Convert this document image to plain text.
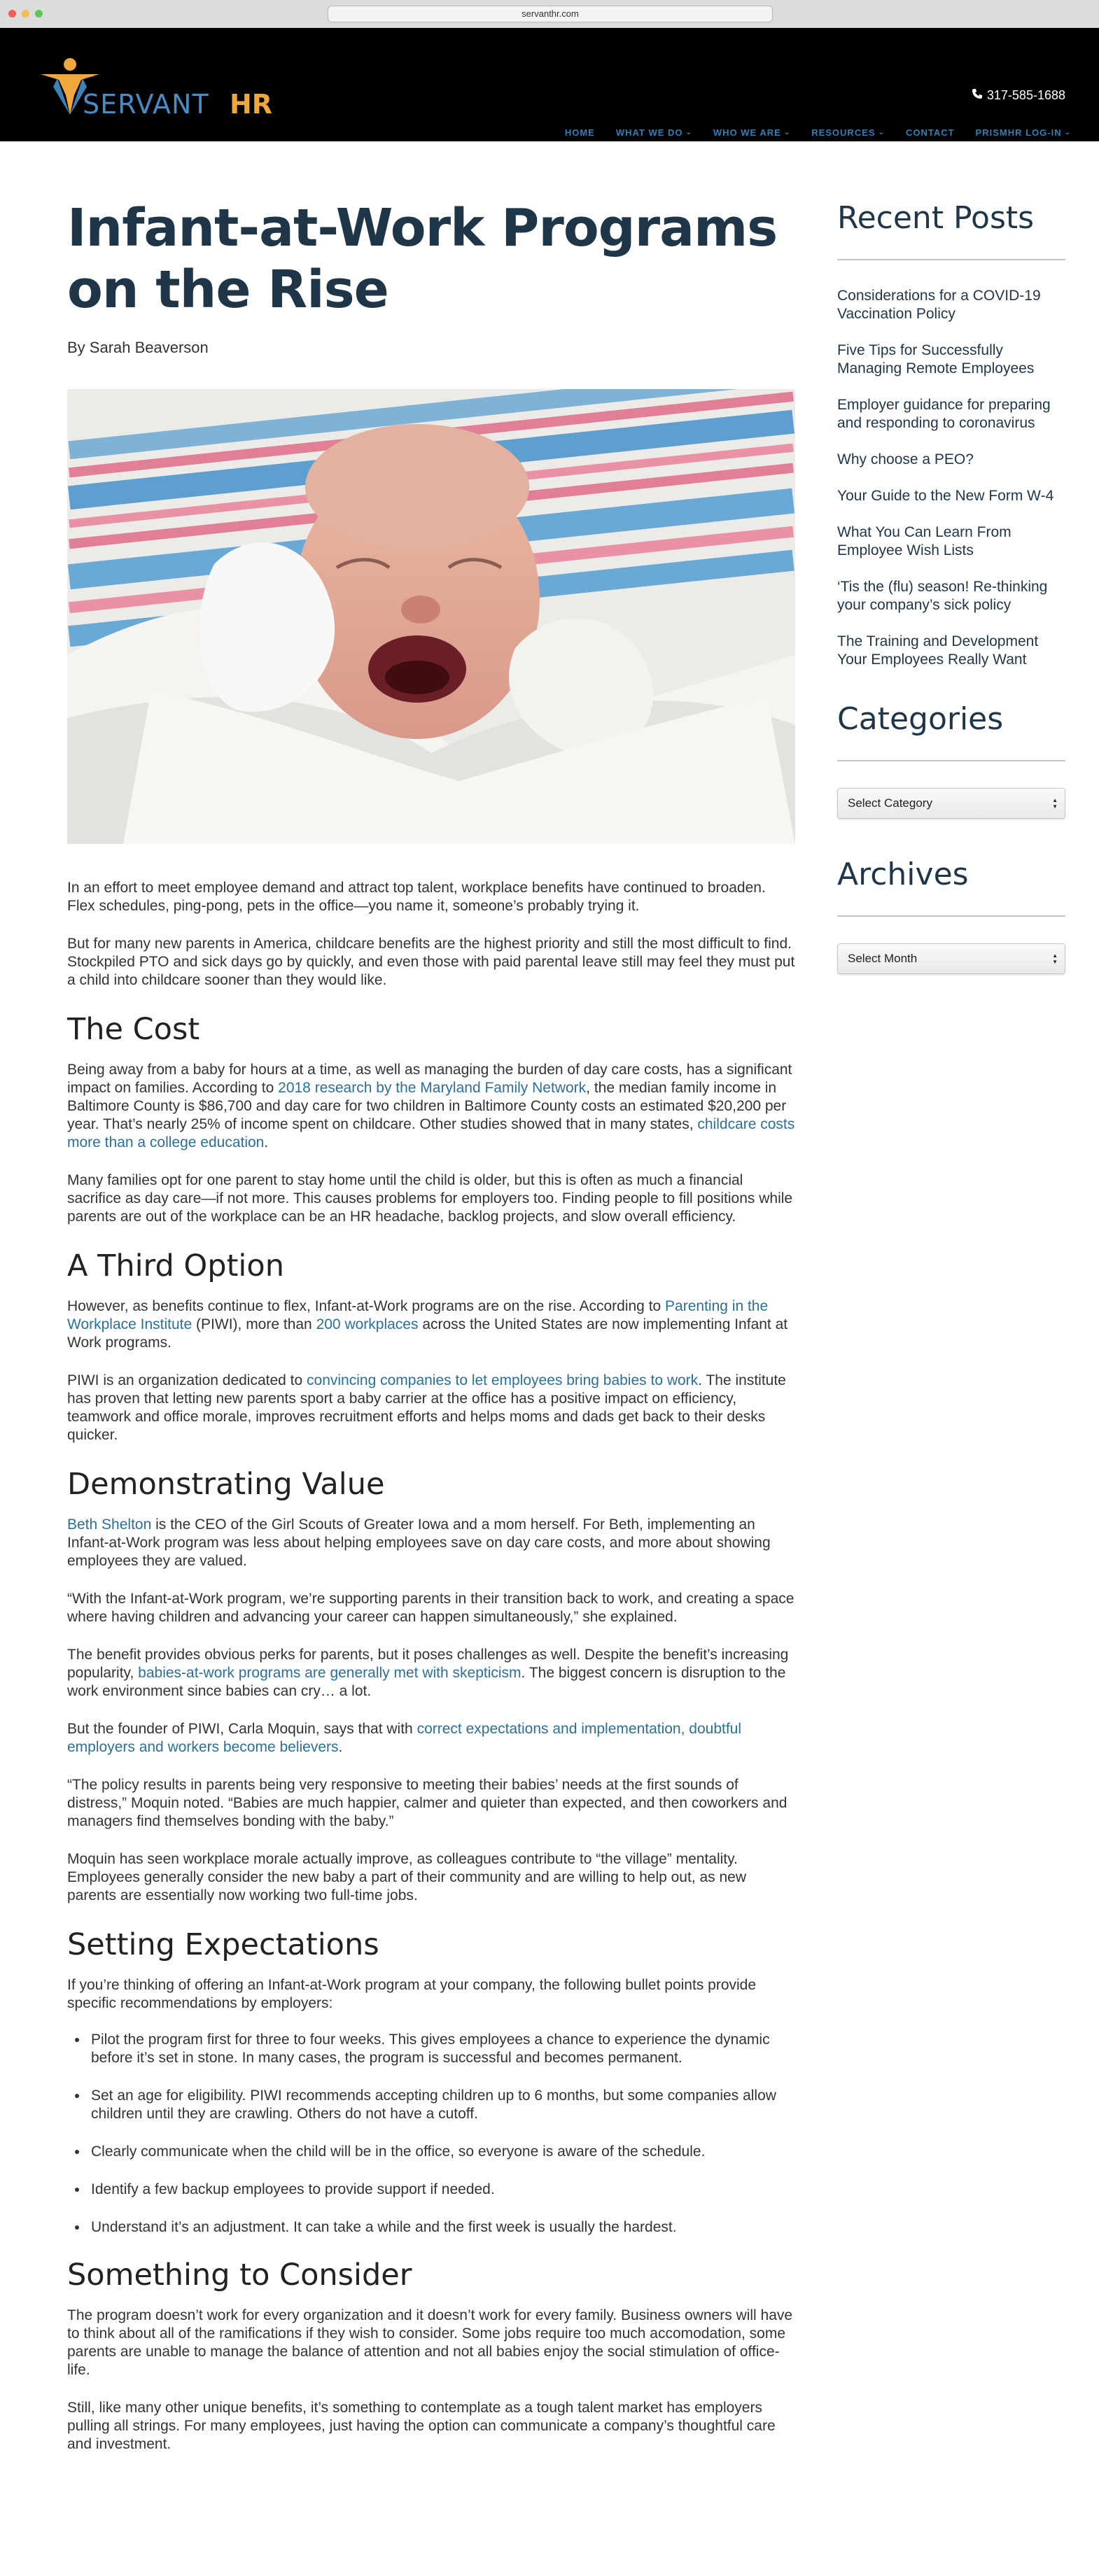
servanthr.com
SERVANT HR	317-585-1688
HOME WHAT WE DO ⌄ WHO WE ARE ⌄ RESOURCES ⌄ CONTACT PRISMHR LOG-IN ⌄
Infant-at-Work Programs on the Rise
By Sarah Beaverson

In an effort to meet employee demand and attract top talent, workplace benefits have continued to broaden. Flex schedules, ping-pong, pets in the office—you name it, someone’s probably trying it.

But for many new parents in America, childcare benefits are the highest priority and still the most difficult to find. Stockpiled PTO and sick days go by quickly, and even those with paid parental leave still may feel they must put a child into childcare sooner than they would like.

The Cost

Being away from a baby for hours at a time, as well as managing the burden of day care costs, has a significant impact on families. According to 2018 research by the Maryland Family Network, the median family income in Baltimore County is $86,700 and day care for two children in Baltimore County costs an estimated $20,200 per year. That’s nearly 25% of income spent on childcare. Other studies showed that in many states, childcare costs more than a college education.

Many families opt for one parent to stay home until the child is older, but this is often as much a financial sacrifice as day care—if not more. This causes problems for employers too. Finding people to fill positions while parents are out of the workplace can be an HR headache, backlog projects, and slow overall efficiency.

A Third Option

However, as benefits continue to flex, Infant-at-Work programs are on the rise. According to Parenting in the Workplace Institute (PIWI), more than 200 workplaces across the United States are now implementing Infant at Work programs.

PIWI is an organization dedicated to convincing companies to let employees bring babies to work. The institute has proven that letting new parents sport a baby carrier at the office has a positive impact on efficiency, teamwork and office morale, improves recruitment efforts and helps moms and dads get back to their desks quicker.

Demonstrating Value

Beth Shelton is the CEO of the Girl Scouts of Greater Iowa and a mom herself. For Beth, implementing an Infant-at-Work program was less about helping employees save on day care costs, and more about showing employees they are valued.

“With the Infant-at-Work program, we’re supporting parents in their transition back to work, and creating a space where having children and advancing your career can happen simultaneously,” she explained.

The benefit provides obvious perks for parents, but it poses challenges as well. Despite the benefit’s increasing popularity, babies-at-work programs are generally met with skepticism. The biggest concern is disruption to the work environment since babies can cry… a lot.

But the founder of PIWI, Carla Moquin, says that with correct expectations and implementation, doubtful employers and workers become believers.

“The policy results in parents being very responsive to meeting their babies’ needs at the first sounds of distress,” Moquin noted. “Babies are much happier, calmer and quieter than expected, and then coworkers and managers find themselves bonding with the baby.”

Moquin has seen workplace morale actually improve, as colleagues contribute to “the village” mentality. Employees generally consider the new baby a part of their community and are willing to help out, as new parents are essentially now working two full-time jobs.

Setting Expectations

If you’re thinking of offering an Infant-at-Work program at your company, the following bullet points provide specific recommendations by employers:

• Pilot the program first for three to four weeks. This gives employees a chance to experience the dynamic before it’s set in stone. In many cases, the program is successful and becomes permanent.
• Set an age for eligibility. PIWI recommends accepting children up to 6 months, but some companies allow children until they are crawling. Others do not have a cutoff.
• Clearly communicate when the child will be in the office, so everyone is aware of the schedule.
• Identify a few backup employees to provide support if needed.
• Understand it’s an adjustment. It can take a while and the first week is usually the hardest.
Something to Consider

The program doesn’t work for every organization and it doesn’t work for every family. Business owners will have to think about all of the ramifications if they wish to consider. Some jobs require too much accomodation, some parents are unable to manage the balance of attention and not all babies enjoy the social stimulation of office-life.

Still, like many other unique benefits, it’s something to contemplate as a tough talent market has employers pulling all strings. For many employees, just having the option can communicate a company’s thoughtful care and investment.

Recent Posts
Considerations for a COVID-19 Vaccination Policy
Five Tips for Successfully Managing Remote Employees
Employer guidance for preparing and responding to coronavirus
Why choose a PEO?
Your Guide to the New Form W-4
What You Can Learn From Employee Wish Lists
‘Tis the (flu) season! Re-thinking your company’s sick policy
The Training and Development Your Employees Really Want
Categories
Select Category	▲
▼
Archives
Select Month	▲
▼
